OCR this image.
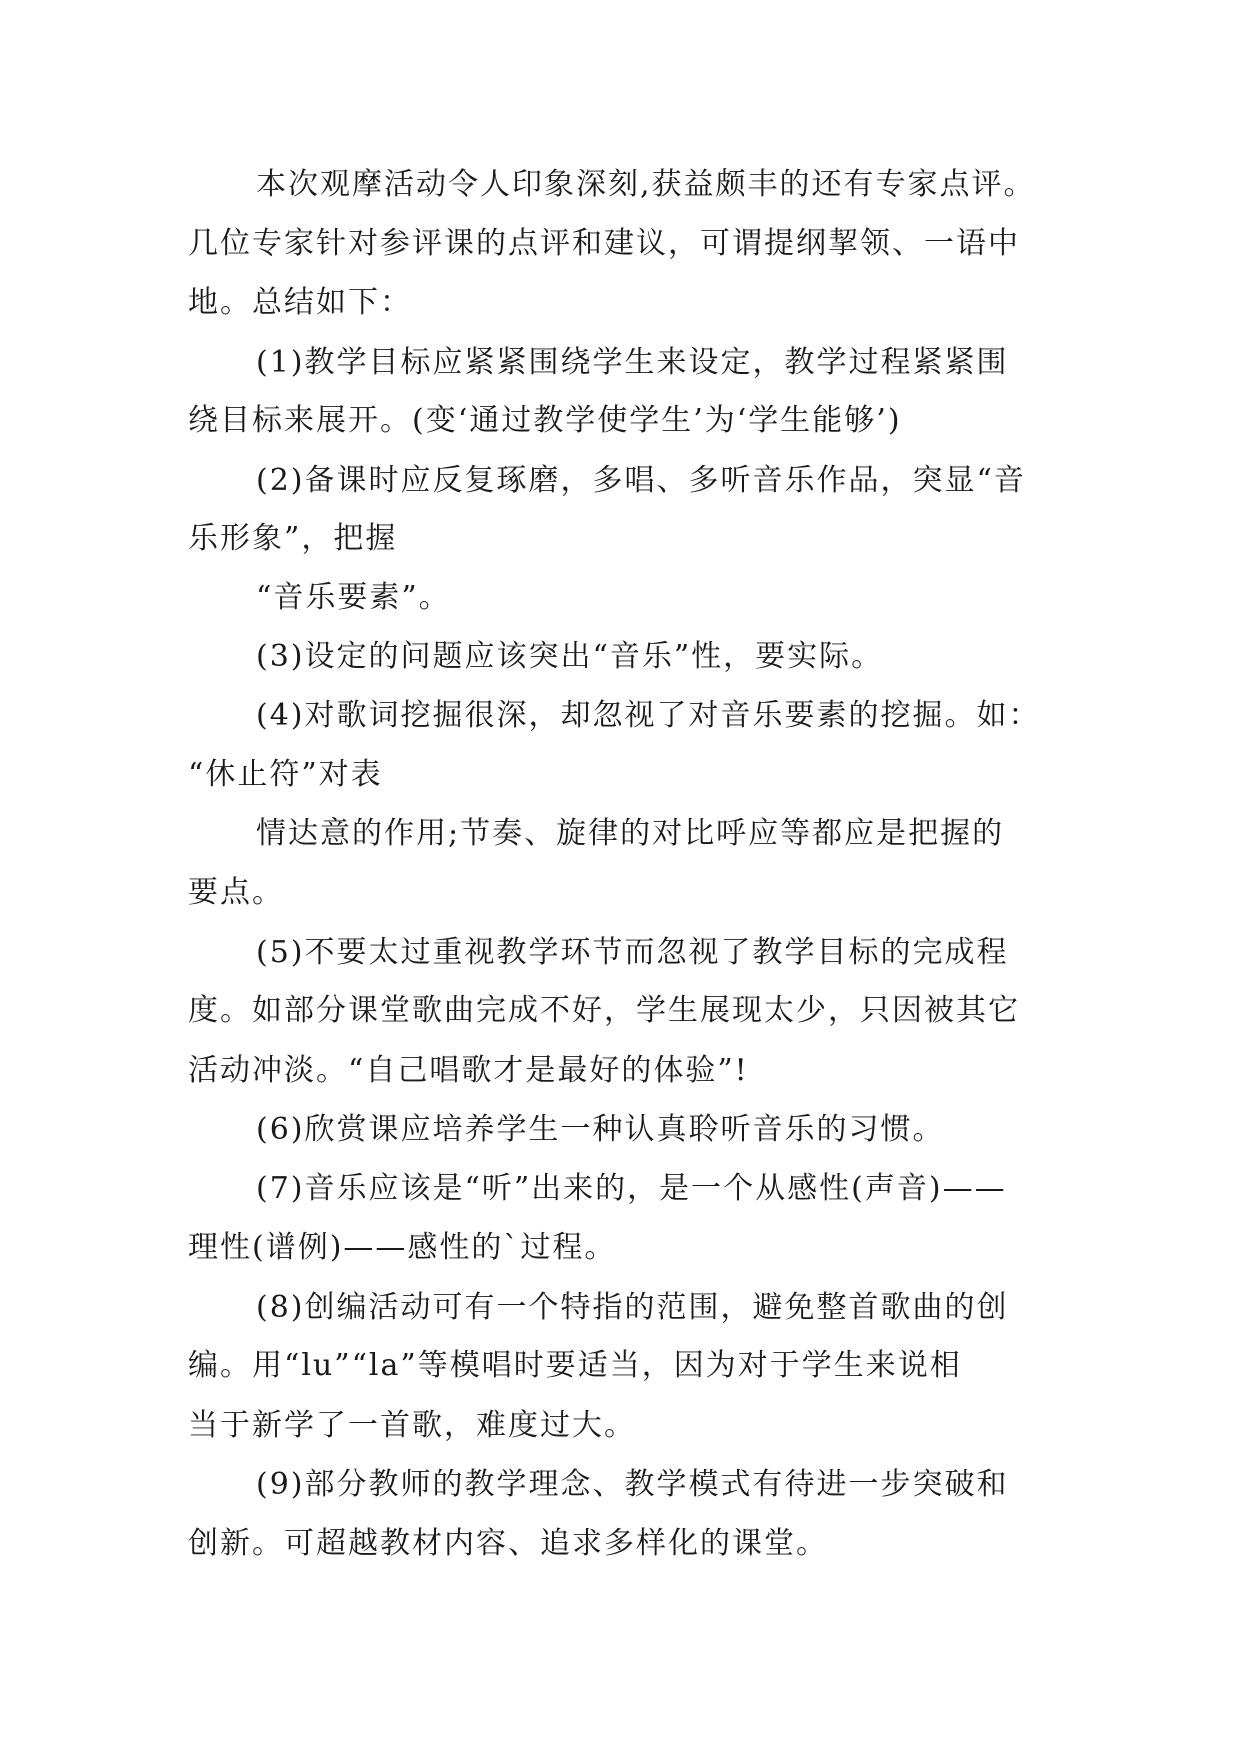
本次观摩活动令人印象深刻,获益颇丰的还有专家点评。
几位专家针对参评课的点评和建议，可谓提纲挈领、一语中
地。总结如下：
(1)教学目标应紧紧围绕学生来设定，教学过程紧紧围
绕目标来展开。(变‘通过教学使学生’为‘学生能够’)
(2)备课时应反复琢磨，多唱、多听音乐作品，突显“音
乐形象”，把握
“音乐要素”。
(3)设定的问题应该突出“音乐”性，要实际。
(4)对歌词挖掘很深，却忽视了对音乐要素的挖掘。如：
“休止符”对表
情达意的作用;节奏、旋律的对比呼应等都应是把握的
要点。
(5)不要太过重视教学环节而忽视了教学目标的完成程
度。如部分课堂歌曲完成不好，学生展现太少，只因被其它
活动冲淡。“自己唱歌才是最好的体验”!
(6)欣赏课应培养学生一种认真聆听音乐的习惯。
(7)音乐应该是“听”出来的，是一个从感性(声音)——
理性(谱例)——感性的`过程。
(8)创编活动可有一个特指的范围，避免整首歌曲的创
编。用“lu”“la”等模唱时要适当，因为对于学生来说相
当于新学了一首歌，难度过大。
(9)部分教师的教学理念、教学模式有待进一步突破和
创新。可超越教材内容、追求多样化的课堂。
